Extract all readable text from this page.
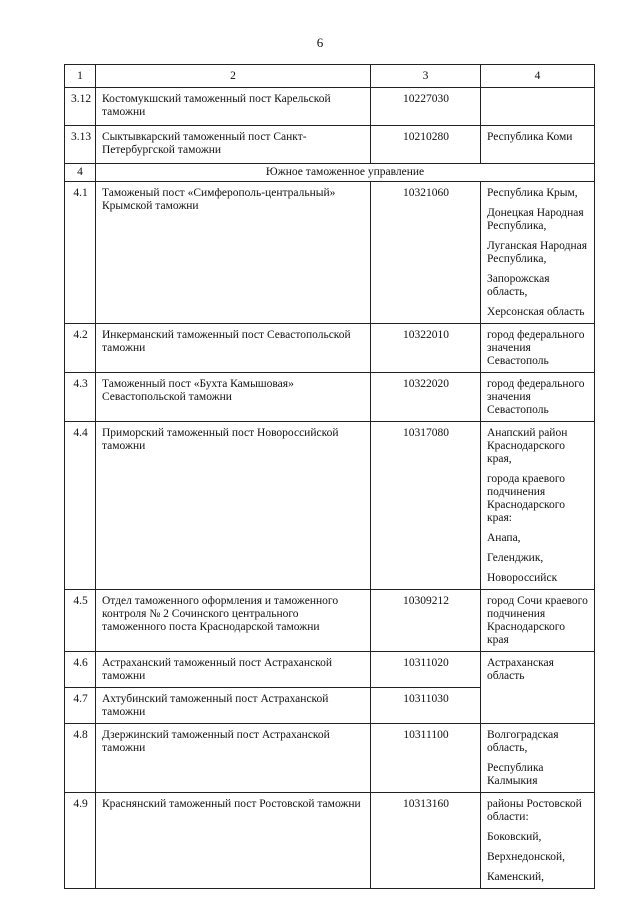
6
1	2	3	4
3.12	Костомукшский таможенный пост Карельской таможни	10227030	
3.13	Сыктывкарский таможенный пост Санкт-Петербургской таможни	10210280	Республика Коми

4	Южное таможенное управление		
4.1	Таможеный пост «Симферополь-центральный» Крымской таможни	10321060	Республика Крым,
Донецкая Народная Республика,
Луганская Народная Республика,
Запорожская область,
Херсонская область

4.2	Инкерманский таможенный пост Севастопольской таможни	10322010	город федерального значения Севастополь

4.3	Таможенный пост «Бухта Камышовая» Севастопольской таможни	10322020	город федерального значения Севастополь

4.4	Приморский таможенный пост Новороссийской таможни	10317080	Анапский район Краснодарского края,
города краевого подчинения Краснодарского края:
Анапа,
Геленджик,
Новороссийск

4.5	Отдел таможенного оформления и таможенного контроля № 2 Сочинского центрального таможенного поста Краснодарской таможни	10309212	город Сочи краевого подчинения Краснодарского края

4.6	Астраханский таможенный пост Астраханской таможни	10311020	Астраханская область

4.7	Ахтубинский таможенный пост Астраханской таможни	10311030	
4.8	Дзержинский таможенный пост Астраханской таможни	10311100	Волгоградская область,
Республика Калмыкия

4.9	Краснянский таможенный пост Ростовской таможни	10313160	районы Ростовской области:
Боковский,
Верхнедонской,
Каменский,
